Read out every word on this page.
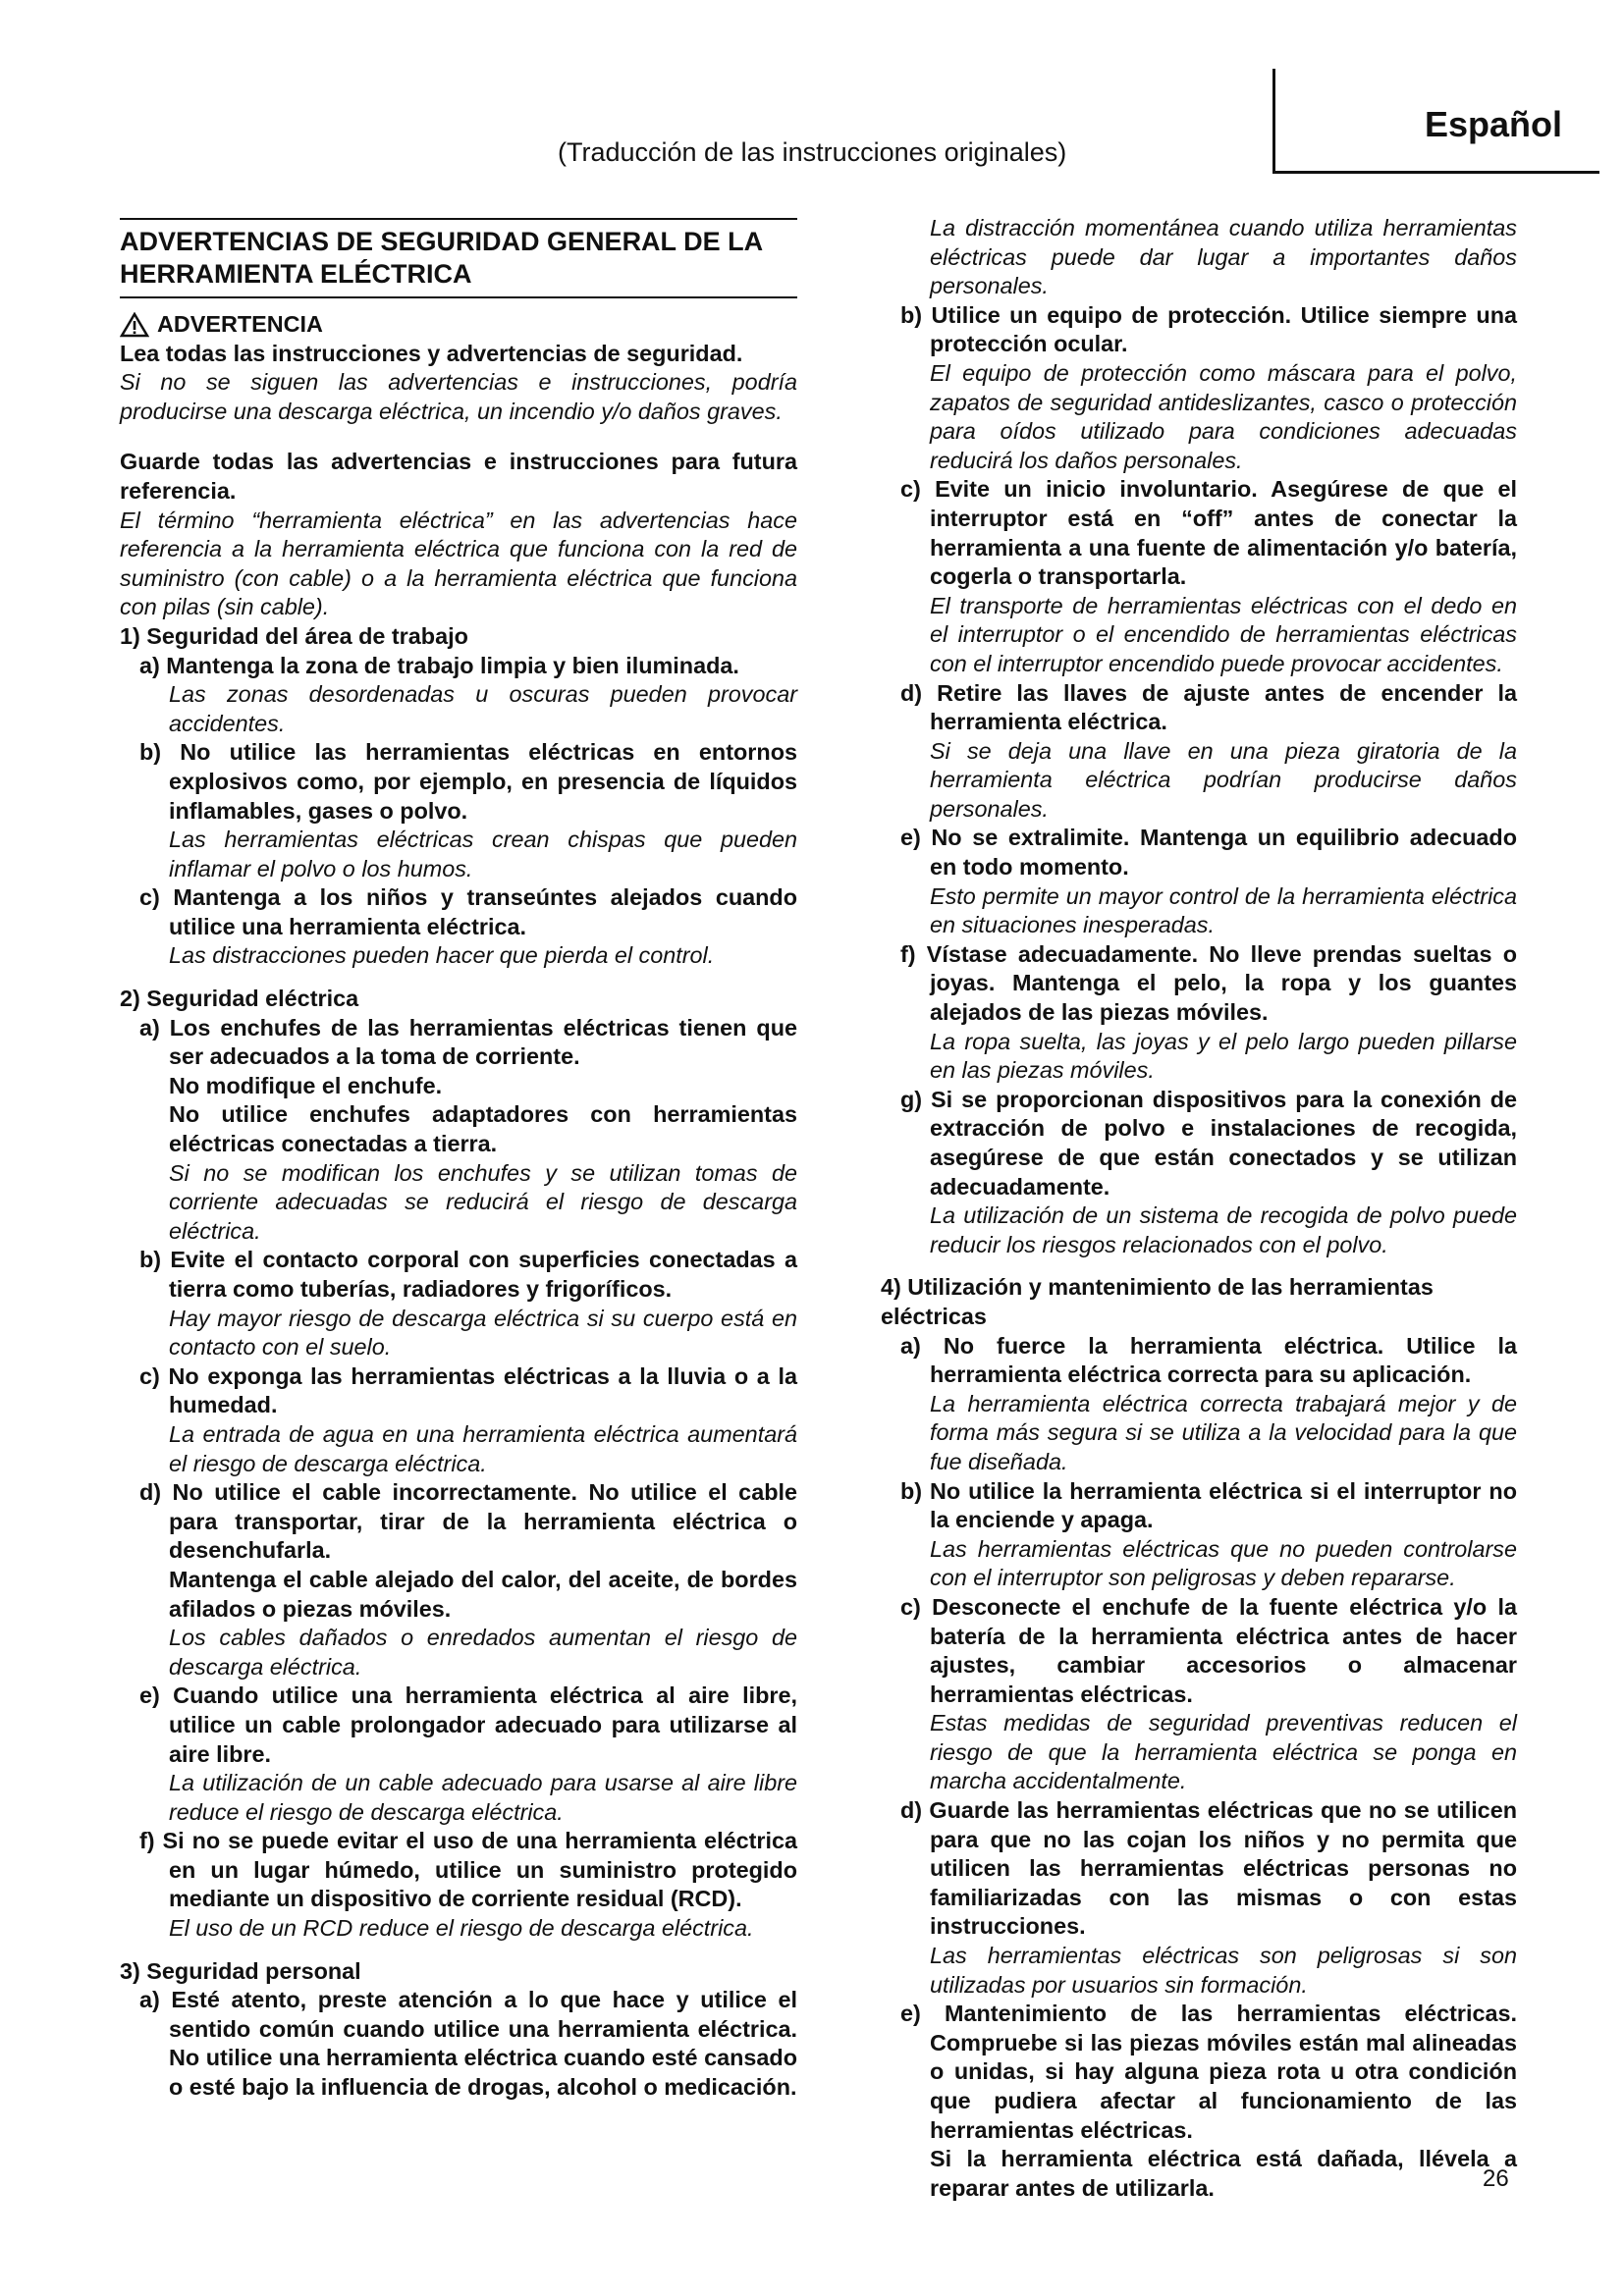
Español
(Traducción de las instrucciones originales)
ADVERTENCIAS DE SEGURIDAD GENERAL DE LA
HERRAMIENTA ELÉCTRICA
ADVERTENCIA
Lea todas las instrucciones y advertencias de seguridad.
Si no se siguen las advertencias e instrucciones, podría producirse una descarga eléctrica, un incendio y/o daños graves.
Guarde todas las advertencias e instrucciones para futura referencia.
El término “herramienta eléctrica” en las advertencias hace referencia a la herramienta eléctrica que funciona con la red de suministro (con cable) o a la herramienta eléctrica que funciona con pilas (sin cable).
1) Seguridad del área de trabajo
a) Mantenga la zona de trabajo limpia y bien iluminada.
Las zonas desordenadas u oscuras pueden provocar accidentes.
b) No utilice las herramientas eléctricas en entornos explosivos como, por ejemplo, en presencia de líquidos inflamables, gases o polvo.
Las herramientas eléctricas crean chispas que pueden inflamar el polvo o los humos.
c) Mantenga a los niños y transeúntes alejados cuando utilice una herramienta eléctrica.
Las distracciones pueden hacer que pierda el control.
2) Seguridad eléctrica
a) Los enchufes de las herramientas eléctricas tienen que ser adecuados a la toma de corriente.
No modifique el enchufe.
No utilice enchufes adaptadores con herramientas eléctricas conectadas a tierra.
Si no se modifican los enchufes y se utilizan tomas de corriente adecuadas se reducirá el riesgo de descarga eléctrica.
b) Evite el contacto corporal con superficies conectadas a tierra como tuberías, radiadores y frigoríficos.
Hay mayor riesgo de descarga eléctrica si su cuerpo está en contacto con el suelo.
c) No exponga las herramientas eléctricas a la lluvia o a la humedad.
La entrada de agua en una herramienta eléctrica aumentará el riesgo de descarga eléctrica.
d) No utilice el cable incorrectamente. No utilice el cable para transportar, tirar de la herramienta eléctrica o desenchufarla.
Mantenga el cable alejado del calor, del aceite, de bordes afilados o piezas móviles.
Los cables dañados o enredados aumentan el riesgo de descarga eléctrica.
e) Cuando utilice una herramienta eléctrica al aire libre, utilice un cable prolongador adecuado para utilizarse al aire libre.
La utilización de un cable adecuado para usarse al aire libre reduce el riesgo de descarga eléctrica.
f) Si no se puede evitar el uso de una herramienta eléctrica en un lugar húmedo, utilice un suministro protegido mediante un dispositivo de corriente residual (RCD).
El uso de un RCD reduce el riesgo de descarga eléctrica.
3) Seguridad personal
a) Esté atento, preste atención a lo que hace y utilice el sentido común cuando utilice una herramienta eléctrica. No utilice una herramienta eléctrica cuando esté cansado o esté bajo la influencia de drogas, alcohol o medicación.
La distracción momentánea cuando utiliza herramientas eléctricas puede dar lugar a importantes daños personales.
b) Utilice un equipo de protección. Utilice siempre una protección ocular.
El equipo de protección como máscara para el polvo, zapatos de seguridad antideslizantes, casco o protección para oídos utilizado para condiciones adecuadas reducirá los daños personales.
c) Evite un inicio involuntario. Asegúrese de que el interruptor está en “off” antes de conectar la herramienta a una fuente de alimentación y/o batería, cogerla o transportarla.
El transporte de herramientas eléctricas con el dedo en el interruptor o el encendido de herramientas eléctricas con el interruptor encendido puede provocar accidentes.
d) Retire las llaves de ajuste antes de encender la herramienta eléctrica.
Si se deja una llave en una pieza giratoria de la herramienta eléctrica podrían producirse daños personales.
e) No se extralimite. Mantenga un equilibrio adecuado en todo momento.
Esto permite un mayor control de la herramienta eléctrica en situaciones inesperadas.
f) Vístase adecuadamente. No lleve prendas sueltas o joyas. Mantenga el pelo, la ropa y los guantes alejados de las piezas móviles.
La ropa suelta, las joyas y el pelo largo pueden pillarse en las piezas móviles.
g) Si se proporcionan dispositivos para la conexión de extracción de polvo e instalaciones de recogida, asegúrese de que están conectados y se utilizan adecuadamente.
La utilización de un sistema de recogida de polvo puede reducir los riesgos relacionados con el polvo.
4) Utilización y mantenimiento de las herramientas eléctricas
a) No fuerce la herramienta eléctrica. Utilice la herramienta eléctrica correcta para su aplicación.
La herramienta eléctrica correcta trabajará mejor y de forma más segura si se utiliza a la velocidad para la que fue diseñada.
b) No utilice la herramienta eléctrica si el interruptor no la enciende y apaga.
Las herramientas eléctricas que no pueden controlarse con el interruptor son peligrosas y deben repararse.
c) Desconecte el enchufe de la fuente eléctrica y/o la batería de la herramienta eléctrica antes de hacer ajustes, cambiar accesorios o almacenar herramientas eléctricas.
Estas medidas de seguridad preventivas reducen el riesgo de que la herramienta eléctrica se ponga en marcha accidentalmente.
d) Guarde las herramientas eléctricas que no se utilicen para que no las cojan los niños y no permita que utilicen las herramientas eléctricas personas no familiarizadas con las mismas o con estas instrucciones.
Las herramientas eléctricas son peligrosas si son utilizadas por usuarios sin formación.
e) Mantenimiento de las herramientas eléctricas. Compruebe si las piezas móviles están mal alineadas o unidas, si hay alguna pieza rota u otra condición que pudiera afectar al funcionamiento de las herramientas eléctricas.
Si la herramienta eléctrica está dañada, llévela a reparar antes de utilizarla.	26
